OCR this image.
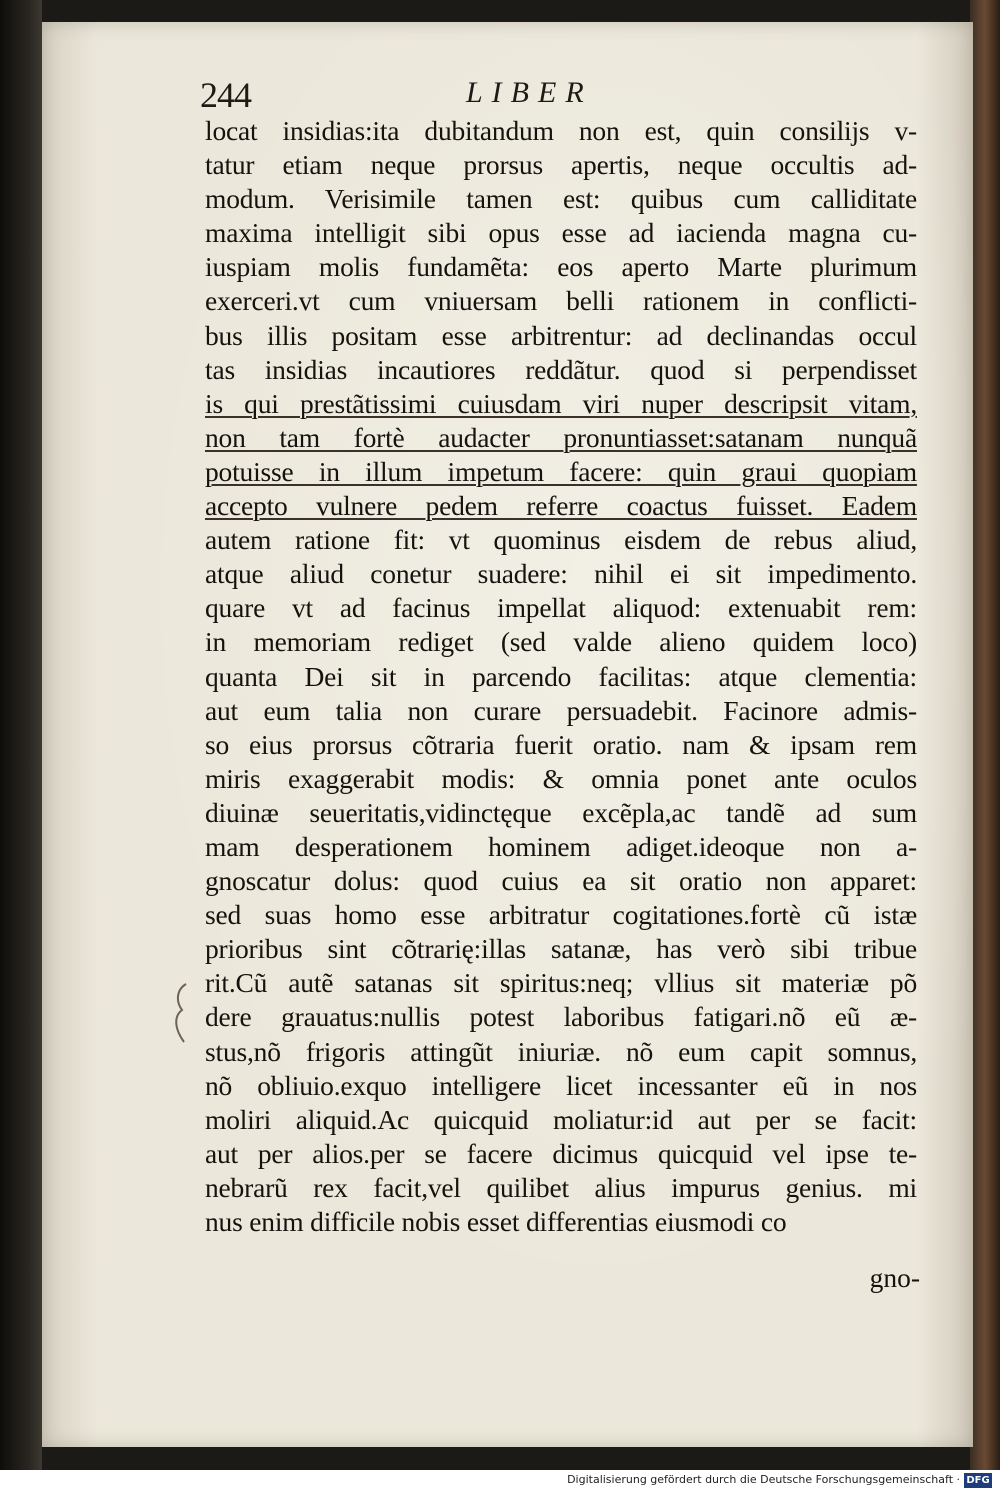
244	LIBER
locat insidias:ita dubitandum non est, quin consilijs v-
tatur etiam neque prorsus apertis, neque occultis ad-
modum. Verisimile tamen est: quibus cum calliditate
maxima intelligit sibi opus esse ad iacienda magna cu-
iuspiam molis fundamẽta: eos aperto Marte plurimum
exerceri.vt cum vniuersam belli rationem in conflicti-
bus illis positam esse arbitrentur: ad declinandas occul
tas insidias incautiores reddãtur. quod si perpendisset
is qui prestãtissimi cuiusdam viri nuper descripsit vitam,
non tam fortè audacter pronuntiasset:satanam nunquã
potuisse in illum impetum facere: quin graui quopiam
accepto vulnere pedem referre coactus fuisset. Eadem
autem ratione fit: vt quominus eisdem de rebus aliud,
atque aliud conetur suadere: nihil ei sit impedimento.
quare vt ad facinus impellat aliquod: extenuabit rem:
in memoriam rediget (sed valde alieno quidem loco)
quanta Dei sit in parcendo facilitas: atque clementia:
aut eum talia non curare persuadebit. Facinore admis-
so eius prorsus cõtraria fuerit oratio. nam & ipsam rem
miris exaggerabit modis: & omnia ponet ante oculos
diuinæ seueritatis,vidinctęque excẽpla,ac tandẽ ad sum
mam desperationem hominem adiget.ideoque non a-
gnoscatur dolus: quod cuius ea sit oratio non apparet:
sed suas homo esse arbitratur cogitationes.fortè cũ istæ
prioribus sint cõtrarię:illas satanæ, has verò sibi tribue
rit.Cũ autẽ satanas sit spiritus:neq; vllius sit materiæ põ
dere grauatus:nullis potest laboribus fatigari.nõ eũ æ-
stus,nõ frigoris attingũt iniuriæ. nõ eum capit somnus,
nõ obliuio.exquo intelligere licet incessanter eũ in nos
moliri aliquid.Ac quicquid moliatur:id aut per se facit:
aut per alios.per se facere dicimus quicquid vel ipse te-
nebrarũ rex facit,vel quilibet alius impurus genius. mi
nus enim difficile nobis esset differentias eiusmodi co
gno-
Digitalisierung gefördert durch die Deutsche Forschungsgemeinschaft · DFG
